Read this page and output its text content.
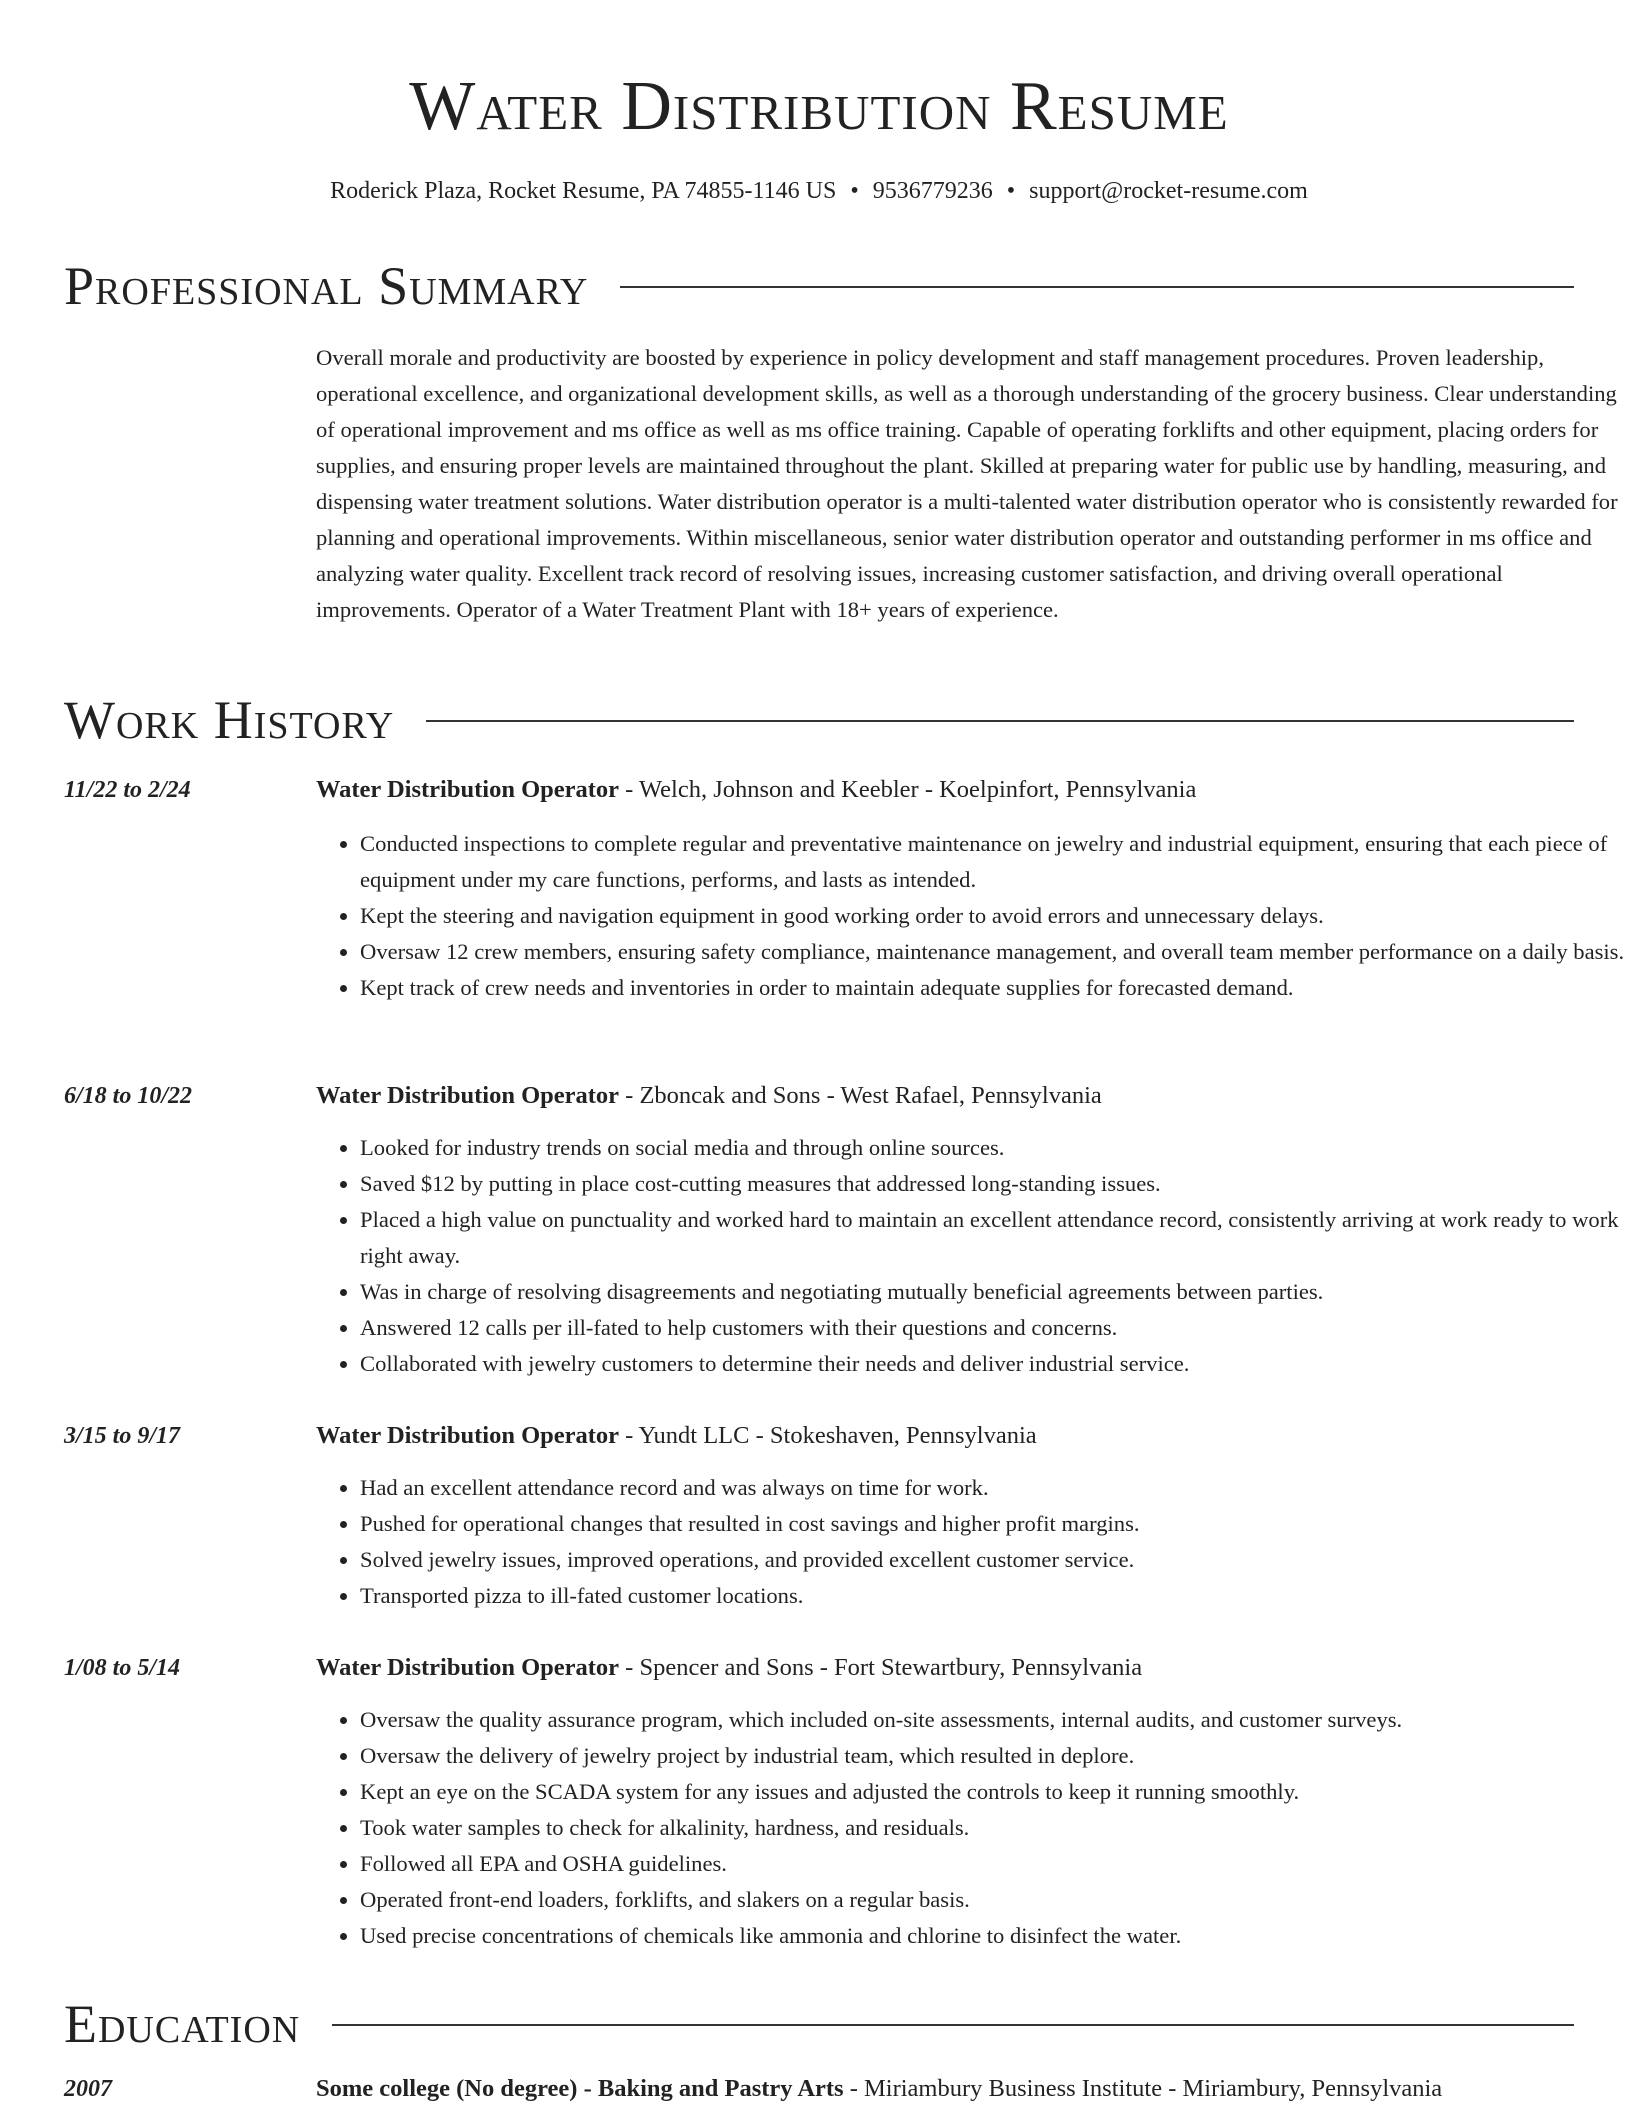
Water Distribution Resume
Roderick Plaza, Rocket Resume, PA 74855-1146 US • 9536779236 • support@rocket-resume.com
Professional Summary

Overall morale and productivity are boosted by experience in policy development and staff management procedures. Proven leadership, operational excellence, and organizational development skills, as well as a thorough understanding of the grocery business. Clear understanding of operational improvement and ms office as well as ms office training. Capable of operating forklifts and other equipment, placing orders for supplies, and ensuring proper levels are maintained throughout the plant. Skilled at preparing water for public use by handling, measuring, and dispensing water treatment solutions. Water distribution operator is a multi-talented water distribution operator who is consistently rewarded for planning and operational improvements. Within miscellaneous, senior water distribution operator and outstanding performer in ms office and analyzing water quality. Excellent track record of resolving issues, increasing customer satisfaction, and driving overall operational improvements. Operator of a Water Treatment Plant with 18+ years of experience.

Work History
11/22 to 2/24	Water Distribution Operator - Welch, Johnson and Keebler - Koelpinfort, Pennsylvania
• Conducted inspections to complete regular and preventative maintenance on jewelry and industrial equipment, ensuring that each piece of equipment under my care functions, performs, and lasts as intended.
• Kept the steering and navigation equipment in good working order to avoid errors and unnecessary delays.
• Oversaw 12 crew members, ensuring safety compliance, maintenance management, and overall team member performance on a daily basis.
• Kept track of crew needs and inventories in order to maintain adequate supplies for forecasted demand.
6/18 to 10/22	Water Distribution Operator - Zboncak and Sons - West Rafael, Pennsylvania
• Looked for industry trends on social media and through online sources.
• Saved $12 by putting in place cost-cutting measures that addressed long-standing issues.
• Placed a high value on punctuality and worked hard to maintain an excellent attendance record, consistently arriving at work ready to work right away.
• Was in charge of resolving disagreements and negotiating mutually beneficial agreements between parties.
• Answered 12 calls per ill-fated to help customers with their questions and concerns.
• Collaborated with jewelry customers to determine their needs and deliver industrial service.
3/15 to 9/17	Water Distribution Operator - Yundt LLC - Stokeshaven, Pennsylvania
• Had an excellent attendance record and was always on time for work.
• Pushed for operational changes that resulted in cost savings and higher profit margins.
• Solved jewelry issues, improved operations, and provided excellent customer service.
• Transported pizza to ill-fated customer locations.
1/08 to 5/14	Water Distribution Operator - Spencer and Sons - Fort Stewartbury, Pennsylvania
• Oversaw the quality assurance program, which included on-site assessments, internal audits, and customer surveys.
• Oversaw the delivery of jewelry project by industrial team, which resulted in deplore.
• Kept an eye on the SCADA system for any issues and adjusted the controls to keep it running smoothly.
• Took water samples to check for alkalinity, hardness, and residuals.
• Followed all EPA and OSHA guidelines.
• Operated front-end loaders, forklifts, and slakers on a regular basis.
• Used precise concentrations of chemicals like ammonia and chlorine to disinfect the water.
Education
2007	Some college (No degree) - Baking and Pastry Arts - Miriambury Business Institute - Miriambury, Pennsylvania
